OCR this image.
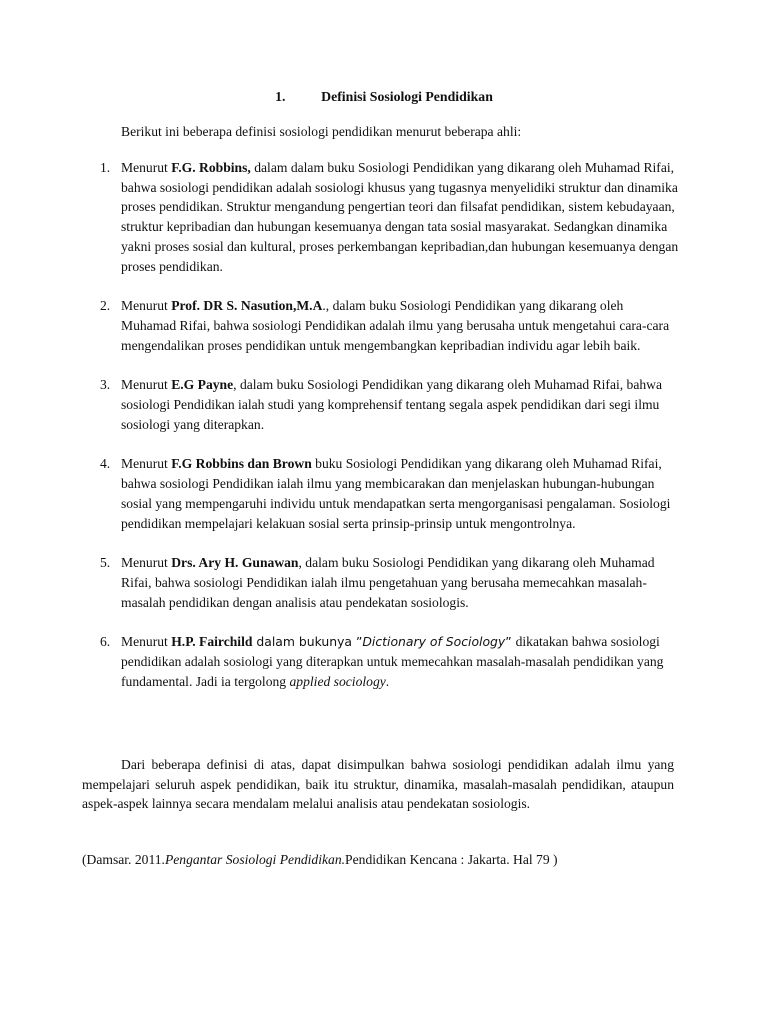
1.	Definisi Sosiologi Pendidikan
Berikut ini beberapa definisi sosiologi pendidikan menurut beberapa ahli:
1. Menurut F.G. Robbins, dalam dalam buku Sosiologi Pendidikan yang dikarang oleh Muhamad Rifai, bahwa sosiologi pendidikan adalah sosiologi khusus yang tugasnya menyelidiki struktur dan dinamika proses pendidikan. Struktur mengandung pengertian teori dan filsafat pendidikan, sistem kebudayaan, struktur kepribadian dan hubungan kesemuanya dengan tata sosial masyarakat. Sedangkan dinamika yakni proses sosial dan kultural, proses perkembangan kepribadian,dan hubungan kesemuanya dengan proses pendidikan.
2. Menurut Prof. DR S. Nasution,M.A., dalam buku Sosiologi Pendidikan yang dikarang oleh Muhamad Rifai, bahwa sosiologi Pendidikan adalah ilmu yang berusaha untuk mengetahui cara-cara mengendalikan proses pendidikan untuk mengembangkan kepribadian individu agar lebih baik.
3. Menurut E.G Payne, dalam buku Sosiologi Pendidikan yang dikarang oleh Muhamad Rifai, bahwa sosiologi Pendidikan ialah studi yang komprehensif tentang segala aspek pendidikan dari segi ilmu sosiologi yang diterapkan.
4. Menurut F.G Robbins dan Brown buku Sosiologi Pendidikan yang dikarang oleh Muhamad Rifai, bahwa sosiologi Pendidikan ialah ilmu yang membicarakan dan menjelaskan hubungan-hubungan sosial yang mempengaruhi individu untuk mendapatkan serta mengorganisasi pengalaman. Sosiologi pendidikan mempelajari kelakuan sosial serta prinsip-prinsip untuk mengontrolnya.
5. Menurut Drs. Ary H. Gunawan, dalam buku Sosiologi Pendidikan yang dikarang oleh Muhamad Rifai, bahwa sosiologi Pendidikan ialah ilmu pengetahuan yang berusaha memecahkan masalah-masalah pendidikan dengan analisis atau pendekatan sosiologis.
6. Menurut H.P. Fairchild dalam bukunya ”Dictionary of Sociology” dikatakan bahwa sosiologi pendidikan adalah sosiologi yang diterapkan untuk memecahkan masalah-masalah pendidikan yang fundamental. Jadi ia tergolong applied sociology.
Dari beberapa definisi di atas, dapat disimpulkan bahwa sosiologi pendidikan adalah ilmu yang mempelajari seluruh aspek pendidikan, baik itu struktur, dinamika, masalah-masalah pendidikan, ataupun aspek-aspek lainnya secara mendalam melalui analisis atau pendekatan sosiologis.
(Damsar. 2011.Pengantar Sosiologi Pendidikan.Pendidikan Kencana : Jakarta. Hal 79 )
